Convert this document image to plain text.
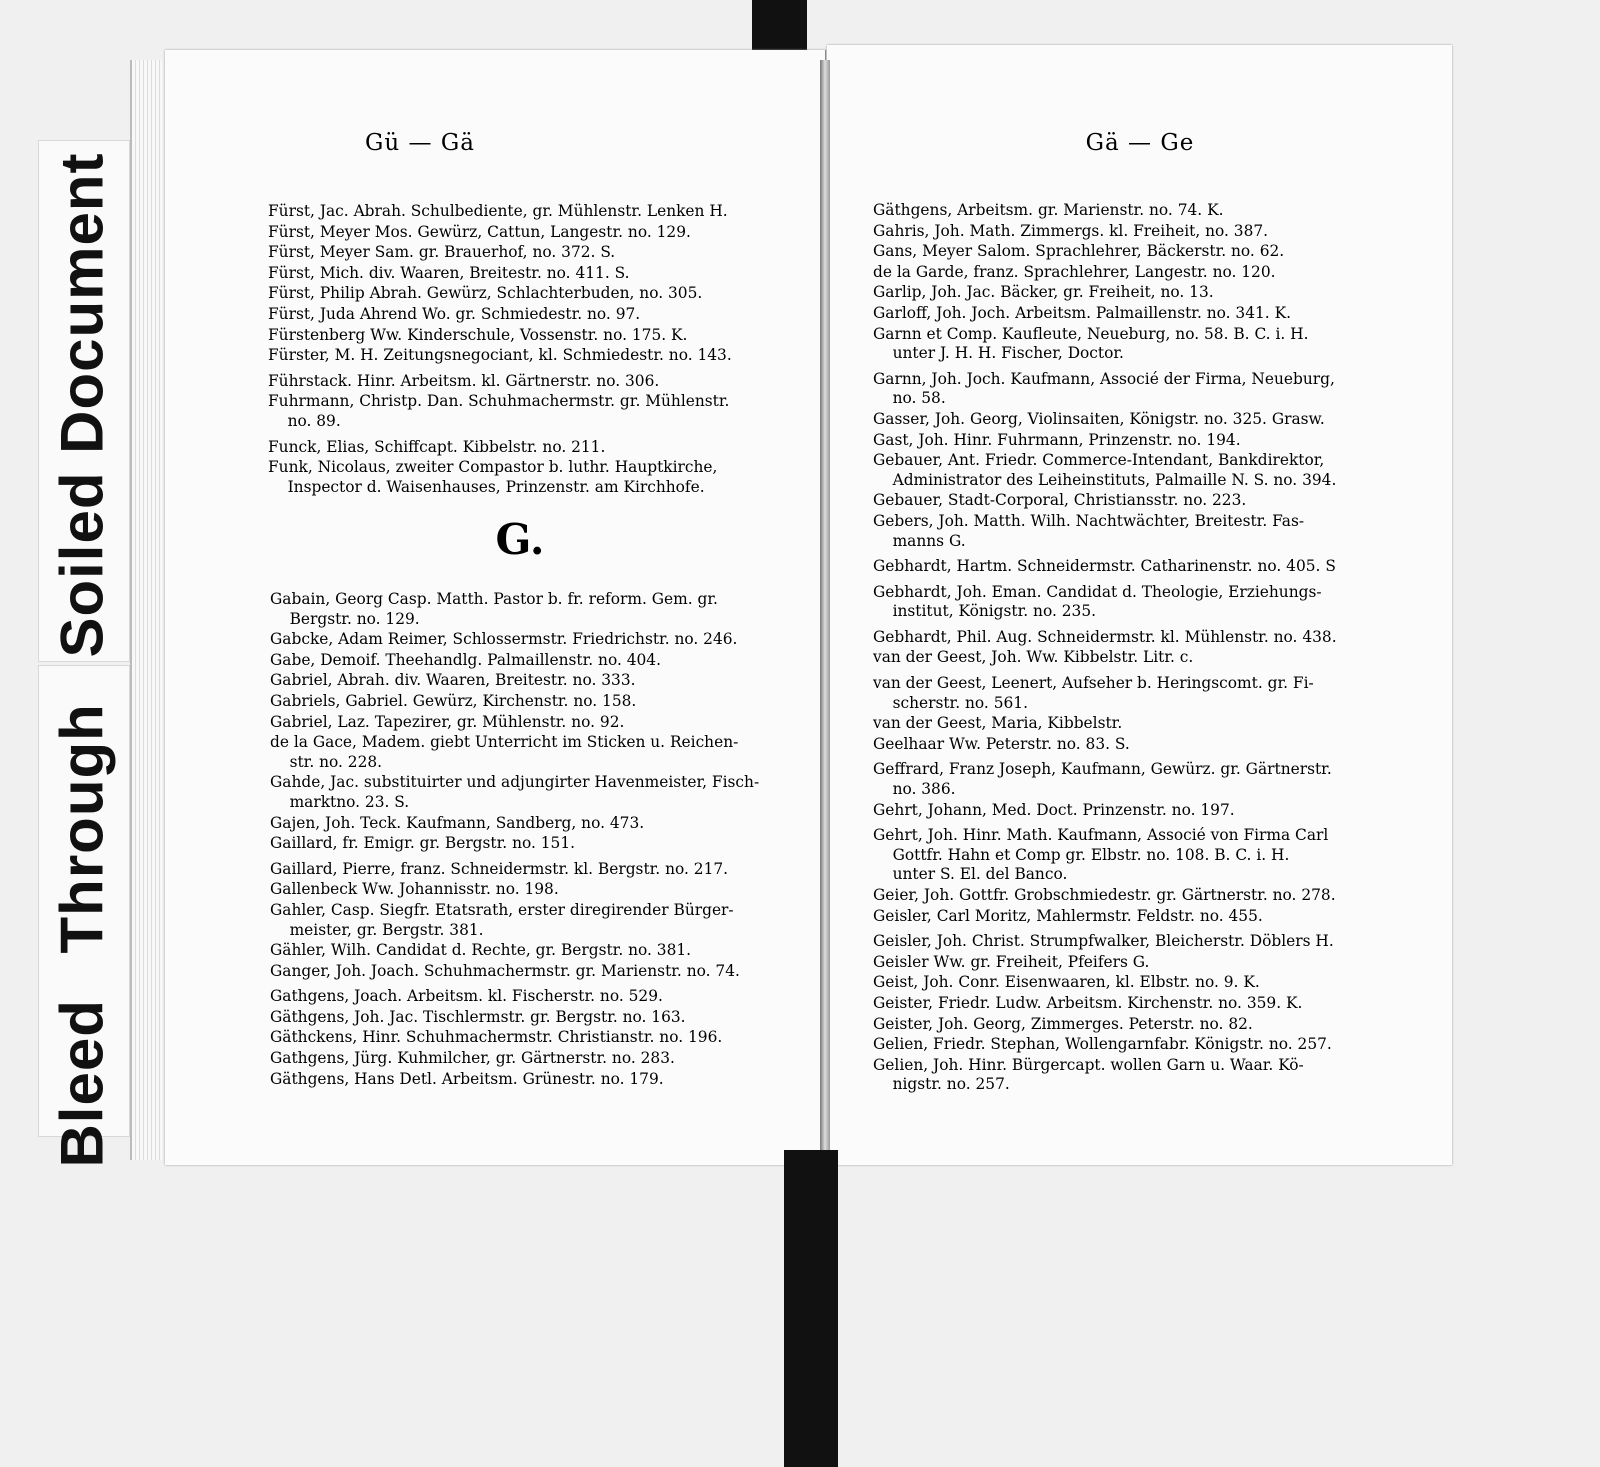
Bleed Through Soiled Document
Gü — Gä	Gä — Ge
Fürst, Jac. Abrah. Schulbediente, gr. Mühlenstr. Lenken H.
Fürst, Meyer Mos. Gewürz, Cattun, Langestr. no. 129.
Fürst, Meyer Sam. gr. Brauerhof, no. 372. S.
Fürst, Mich. div. Waaren, Breitestr. no. 411. S.
Fürst, Philip Abrah. Gewürz, Schlachterbuden, no. 305.
Fürst, Juda Ahrend Wo. gr. Schmiedestr. no. 97.
Fürstenberg Ww. Kinderschule, Vossenstr. no. 175. K.
Fürster, M. H. Zeitungsnegociant, kl. Schmiedestr. no. 143.
Führstack. Hinr. Arbeitsm. kl. Gärtnerstr. no. 306.
Fuhrmann, Christp. Dan. Schuhmachermstr. gr. Mühlenstr.
no. 89.
Funck, Elias, Schiffcapt. Kibbelstr. no. 211.
Funk, Nicolaus, zweiter Compastor b. luthr. Hauptkirche,
Inspector d. Waisenhauses, Prinzenstr. am Kirchhofe.
G.
Gabain, Georg Casp. Matth. Pastor b. fr. reform. Gem. gr.
Bergstr. no. 129.
Gabcke, Adam Reimer, Schlossermstr. Friedrichstr. no. 246.
Gabe, Demoif. Theehandlg. Palmaillenstr. no. 404.
Gabriel, Abrah. div. Waaren, Breitestr. no. 333.
Gabriels, Gabriel. Gewürz, Kirchenstr. no. 158.
Gabriel, Laz. Tapezirer, gr. Mühlenstr. no. 92.
de la Gace, Madem. giebt Unterricht im Sticken u. Reichen-
str. no. 228.
Gahde, Jac. substituirter und adjungirter Havenmeister, Fisch-
marktno. 23. S.
Gajen, Joh. Teck. Kaufmann, Sandberg, no. 473.
Gaillard, fr. Emigr. gr. Bergstr. no. 151.
Gaillard, Pierre, franz. Schneidermstr. kl. Bergstr. no. 217.
Gallenbeck Ww. Johannisstr. no. 198.
Gahler, Casp. Siegfr. Etatsrath, erster diregirender Bürger-
meister, gr. Bergstr. 381.
Gähler, Wilh. Candidat d. Rechte, gr. Bergstr. no. 381.
Ganger, Joh. Joach. Schuhmachermstr. gr. Marienstr. no. 74.
Gathgens, Joach. Arbeitsm. kl. Fischerstr. no. 529.
Gäthgens, Joh. Jac. Tischlermstr. gr. Bergstr. no. 163.
Gäthckens, Hinr. Schuhmachermstr. Christianstr. no. 196.
Gathgens, Jürg. Kuhmilcher, gr. Gärtnerstr. no. 283.
Gäthgens, Hans Detl. Arbeitsm. Grünestr. no. 179.
Gäthgens, Arbeitsm. gr. Marienstr. no. 74. K.
Gahris, Joh. Math. Zimmergs. kl. Freiheit, no. 387.
Gans, Meyer Salom. Sprachlehrer, Bäckerstr. no. 62.
de la Garde, franz. Sprachlehrer, Langestr. no. 120.
Garlip, Joh. Jac. Bäcker, gr. Freiheit, no. 13.
Garloff, Joh. Joch. Arbeitsm. Palmaillenstr. no. 341. K.
Garnn et Comp. Kaufleute, Neueburg, no. 58. B. C. i. H.
unter J. H. H. Fischer, Doctor.
Garnn, Joh. Joch. Kaufmann, Associé der Firma, Neueburg,
no. 58.
Gasser, Joh. Georg, Violinsaiten, Königstr. no. 325. Grasw.
Gast, Joh. Hinr. Fuhrmann, Prinzenstr. no. 194.
Gebauer, Ant. Friedr. Commerce-Intendant, Bankdirektor,
Administrator des Leiheinstituts, Palmaille N. S. no. 394.
Gebauer, Stadt-Corporal, Christiansstr. no. 223.
Gebers, Joh. Matth. Wilh. Nachtwächter, Breitestr. Fas-
manns G.
Gebhardt, Hartm. Schneidermstr. Catharinenstr. no. 405. S
Gebhardt, Joh. Eman. Candidat d. Theologie, Erziehungs-
institut, Königstr. no. 235.
Gebhardt, Phil. Aug. Schneidermstr. kl. Mühlenstr. no. 438.
van der Geest, Joh. Ww. Kibbelstr. Litr. c.
van der Geest, Leenert, Aufseher b. Heringscomt. gr. Fi-
scherstr. no. 561.
van der Geest, Maria, Kibbelstr.
Geelhaar Ww. Peterstr. no. 83. S.
Geffrard, Franz Joseph, Kaufmann, Gewürz. gr. Gärtnerstr.
no. 386.
Gehrt, Johann, Med. Doct. Prinzenstr. no. 197.
Gehrt, Joh. Hinr. Math. Kaufmann, Associé von Firma Carl
Gottfr. Hahn et Comp gr. Elbstr. no. 108. B. C. i. H.
unter S. El. del Banco.
Geier, Joh. Gottfr. Grobschmiedestr. gr. Gärtnerstr. no. 278.
Geisler, Carl Moritz, Mahlermstr. Feldstr. no. 455.
Geisler, Joh. Christ. Strumpfwalker, Bleicherstr. Döblers H.
Geisler Ww. gr. Freiheit, Pfeifers G.
Geist, Joh. Conr. Eisenwaaren, kl. Elbstr. no. 9. K.
Geister, Friedr. Ludw. Arbeitsm. Kirchenstr. no. 359. K.
Geister, Joh. Georg, Zimmerges. Peterstr. no. 82.
Gelien, Friedr. Stephan, Wollengarnfabr. Königstr. no. 257.
Gelien, Joh. Hinr. Bürgercapt. wollen Garn u. Waar. Kö-
nigstr. no. 257.
